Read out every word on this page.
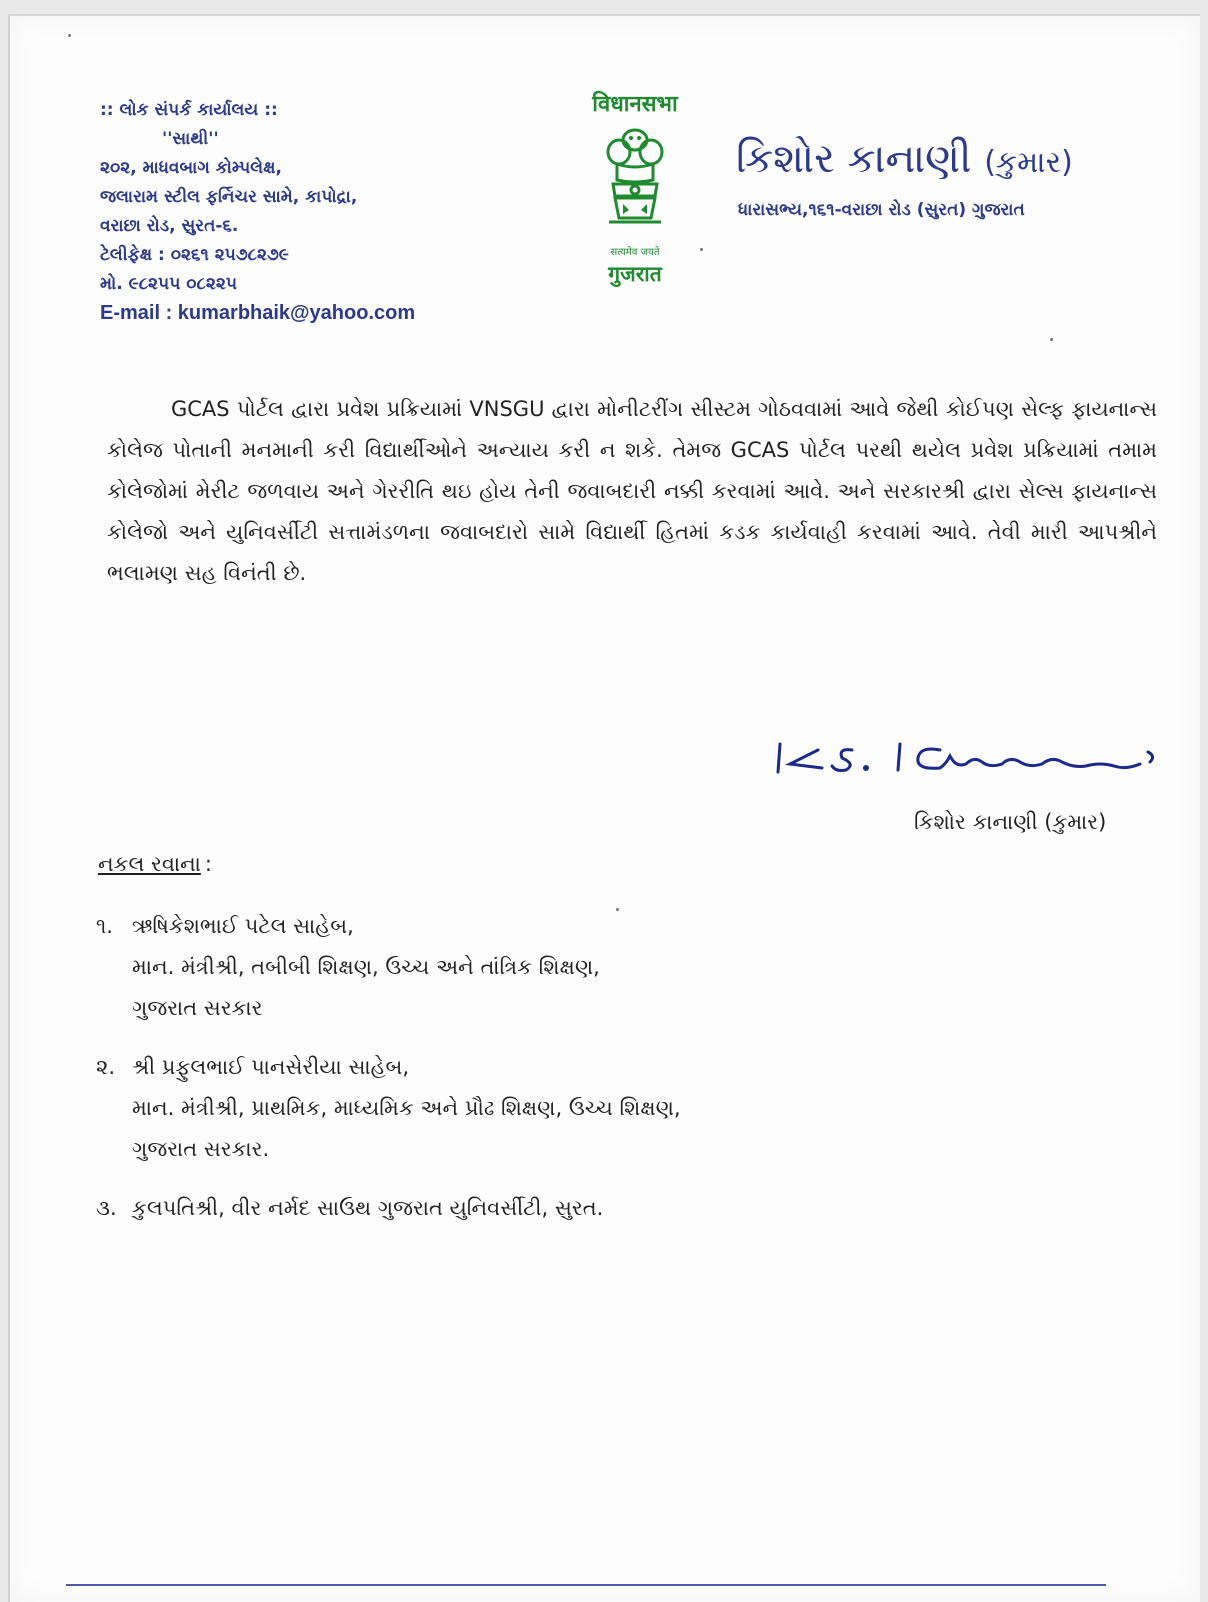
:: લોક સંપર્ક કાર્યાલય ::
''સાથી''
૨૦૨, માધવબાગ કોમ્પલેક્ષ,
જલારામ સ્ટીલ ફર્નિચર સામે, કાપોદ્રા,
વરાછા રોડ, સુરત-૬.
ટેલીફેક્ષ : ૦૨૬૧ ૨૫૭૮૨૭૯
મો. ૯૮૨૫૫ ૦૮૨૨૫
E-mail : kumarbhaik@yahoo.com
विधानसभा
सत्यमेव जयते
गुजरात
કિશોર કાનાણી (કુમાર)
ધારાસભ્ય,૧૬૧-વરાછા રોડ (સુરત) ગુજરાત

GCAS પોર્ટલ દ્વારા પ્રવેશ પ્રક્રિયામાં VNSGU દ્વારા મોનીટરીંગ સીસ્ટમ ગોઠવવામાં આવે જેથી કોઈપણ સેલ્ફ ફાયનાન્સ કોલેજ પોતાની મનમાની કરી વિદ્યાર્થીઓને અન્યાય કરી ન શકે. તેમજ GCAS પોર્ટલ પરથી થયેલ પ્રવેશ પ્રક્રિયામાં તમામ કોલેજોમાં મેરીટ જળવાય અને ગેરરીતિ થઇ હોય તેની જવાબદારી નક્કી કરવામાં આવે. અને સરકારશ્રી દ્વારા સેલ્સ ફાયનાન્સ કોલેજો અને યુનિવર્સીટી સત્તામંડળના જવાબદારો સામે વિદ્યાર્થી હિતમાં કડક કાર્યવાહી કરવામાં આવે. તેવી મારી આપશ્રીને ભલામણ સહ વિનંતી છે.

કિશોર કાનાણી (કુમાર)
નકલ રવાના :
૧. ઋષિકેશભાઈ પટેલ સાહેબ,
માન. મંત્રીશ્રી, તબીબી શિક્ષણ, ઉચ્ચ અને તાંત્રિક શિક્ષણ,
ગુજરાત સરકાર
૨. શ્રી પ્રફુલભાઈ પાનસેરીયા સાહેબ,
માન. મંત્રીશ્રી, પ્રાથમિક, માધ્યમિક અને પ્રૌઢ શિક્ષણ, ઉચ્ચ શિક્ષણ,
ગુજરાત સરકાર.
૩. કુલપતિશ્રી, વીર નર્મદ સાઉથ ગુજરાત યુનિવર્સીટી, સુરત.
